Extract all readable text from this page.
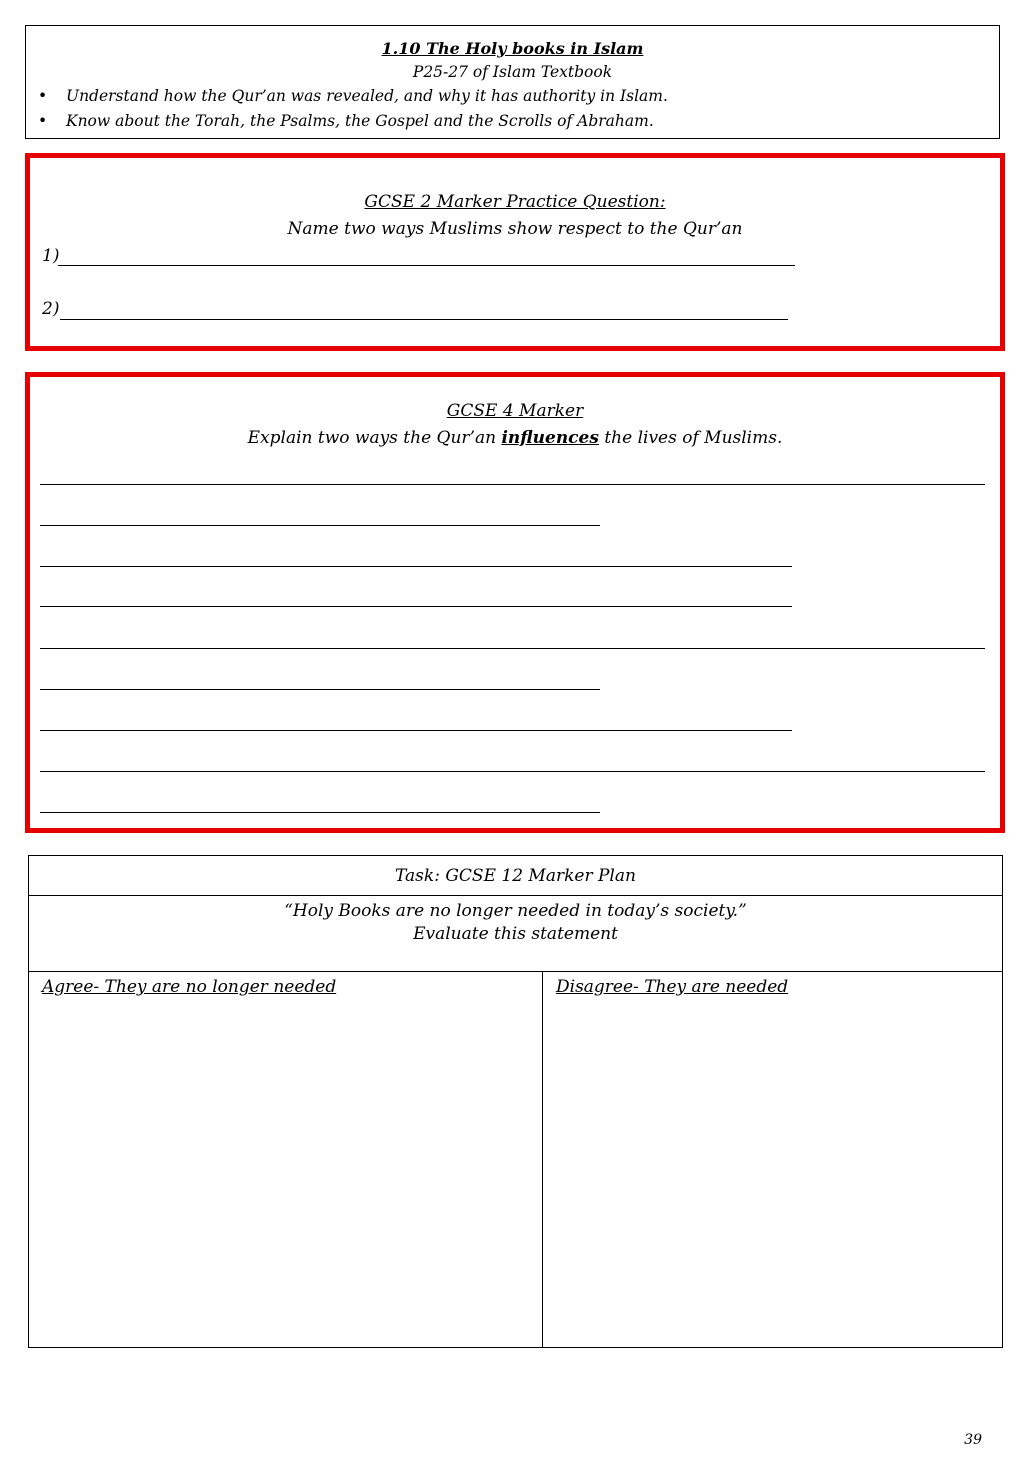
1.10 The Holy books in Islam
P25-27 of Islam Textbook
• Understand how the Qur’an was revealed, and why it has authority in Islam.
• Know about the Torah, the Psalms, the Gospel and the Scrolls of Abraham.
GCSE 2 Marker Practice Question:
Name two ways Muslims show respect to the Qur’an
1)
2)
GCSE 4 Marker
Explain two ways the Qur’an influences the lives of Muslims.
Task: GCSE 12 Marker Plan

“Holy Books are no longer needed in today’s society.”
Evaluate this statement

Agree- They are no longer needed	Disagree- They are needed
39
